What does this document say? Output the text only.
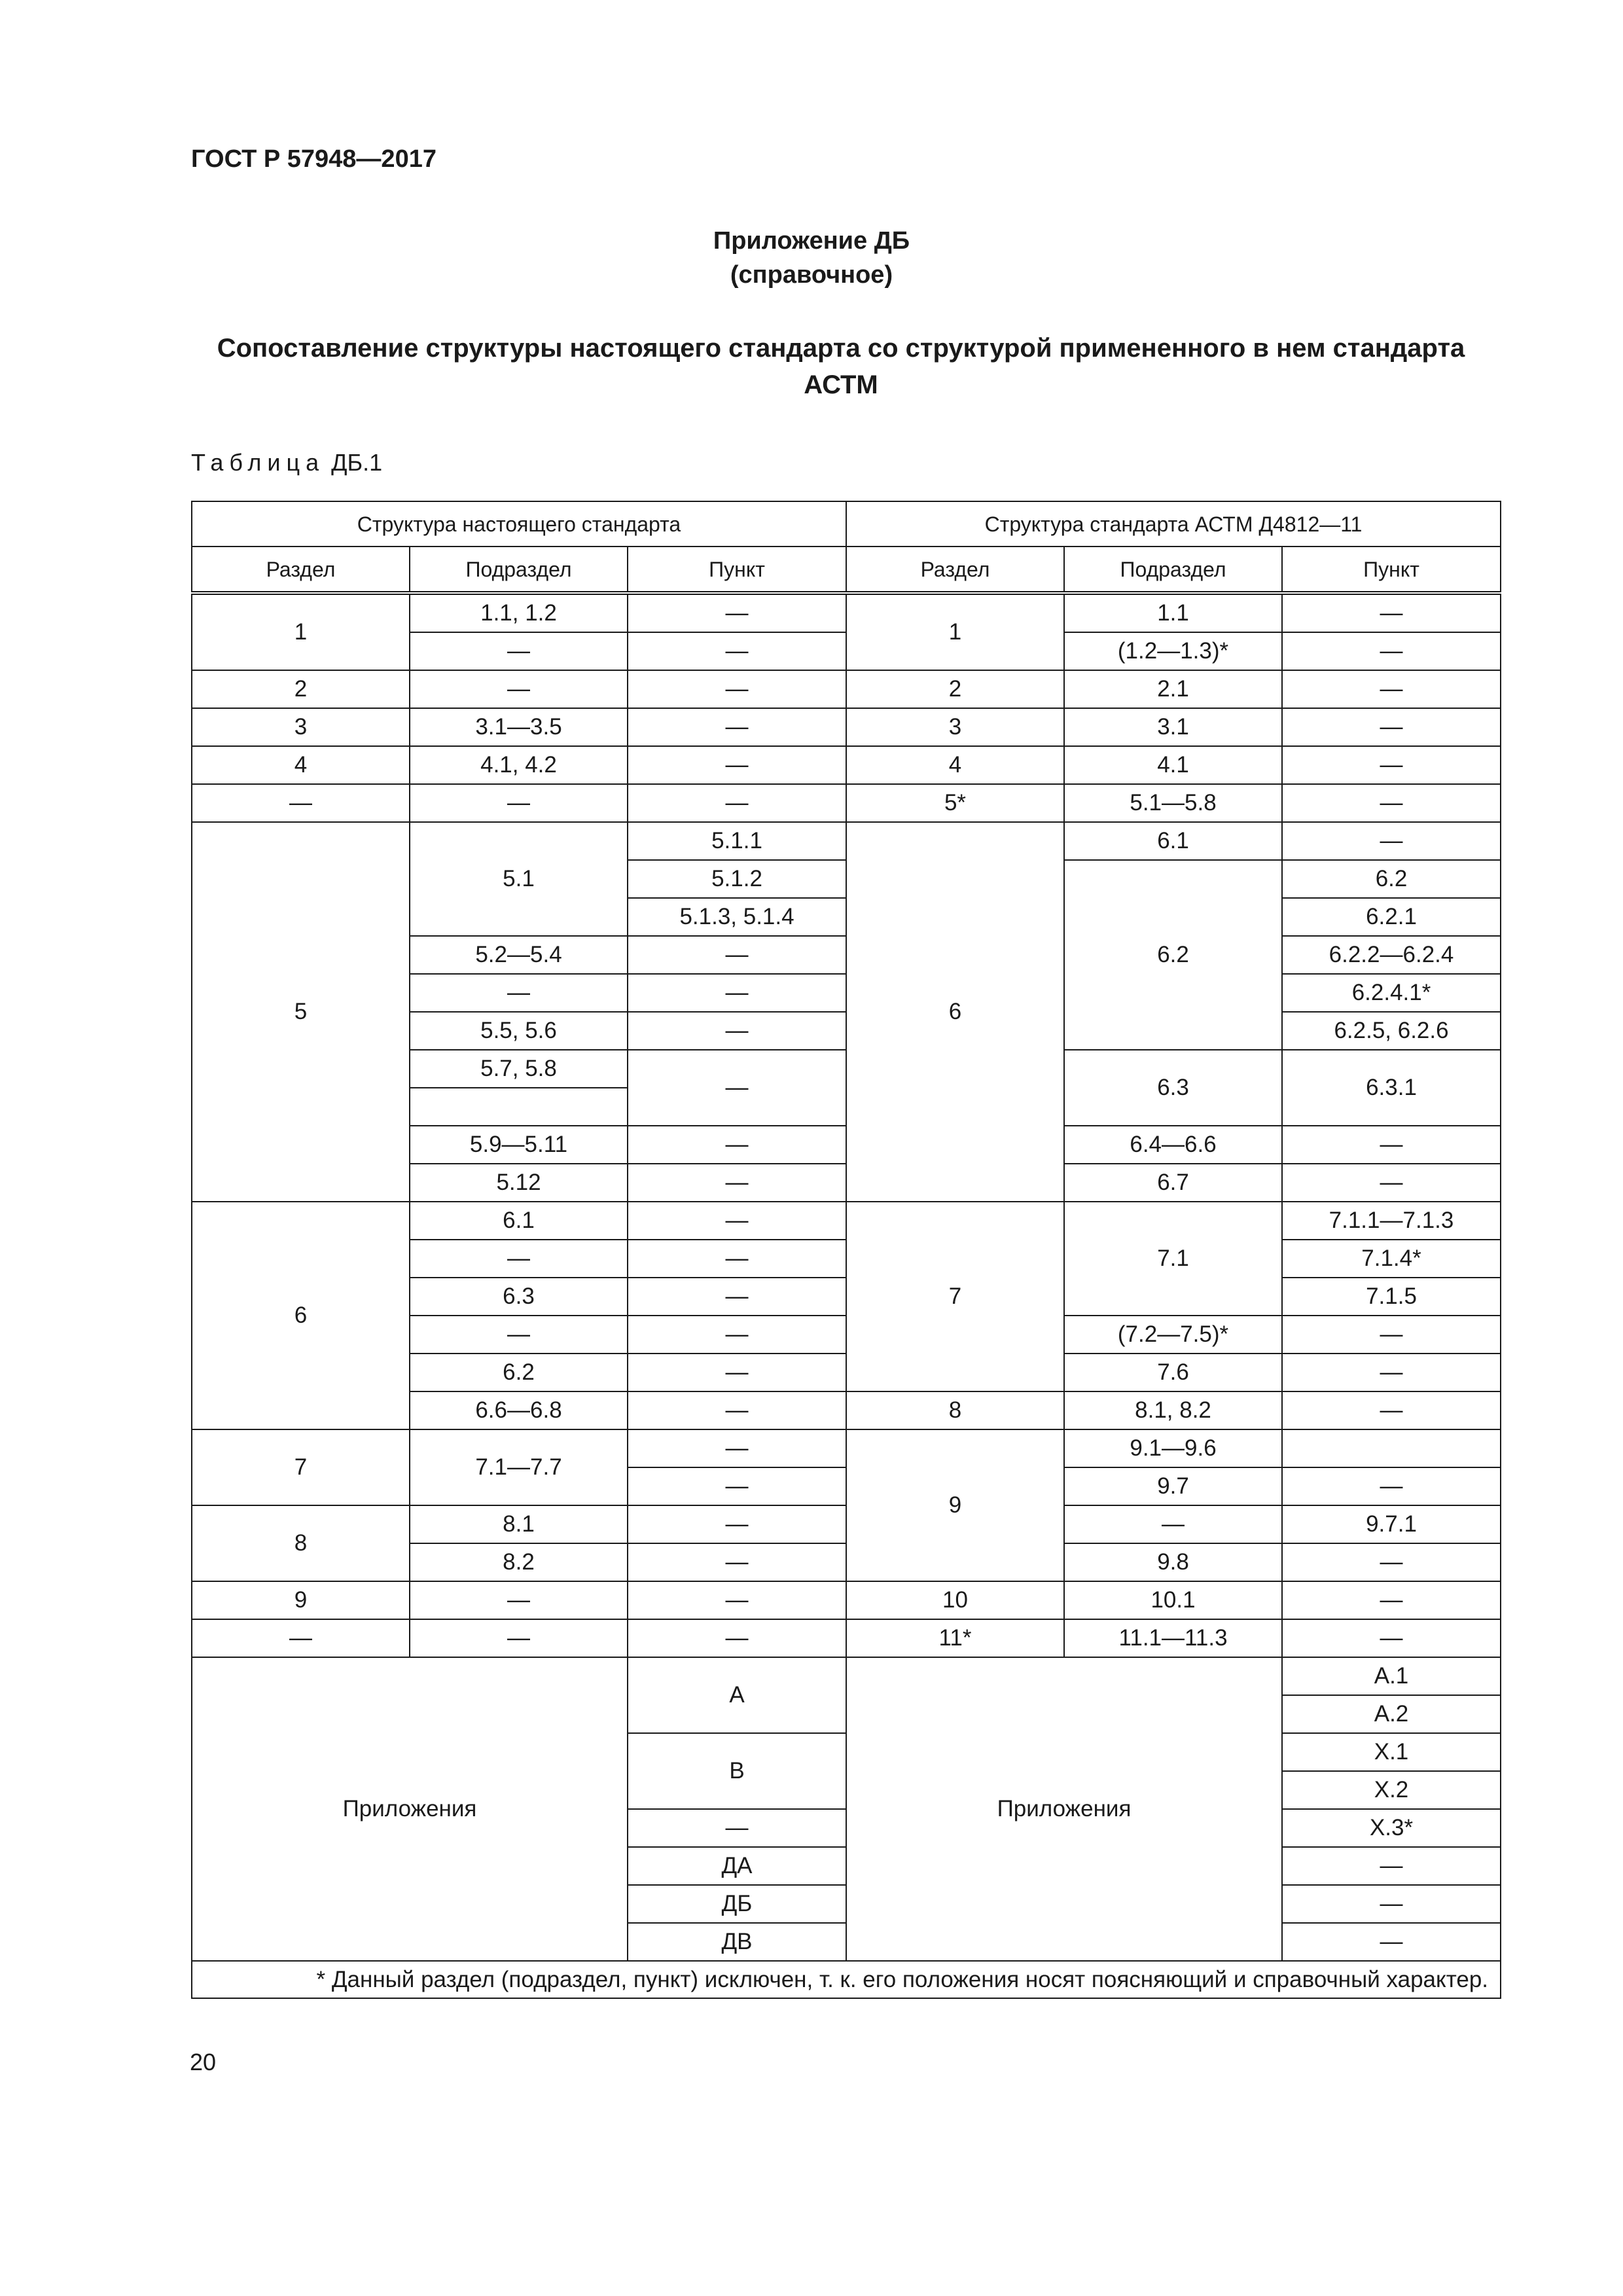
ГОСТ Р 57948—2017
Приложение ДБ
(справочное)
Сопоставление структуры настоящего стандарта со структурой примененного в нем стандарта
АСТМ
Таблица ДБ.1
Структура настоящего стандарта			Структура стандарта АСТМ Д4812—11		
Раздел	Подраздел	Пункт	Раздел	Подраздел	Пункт
1	1.1, 1.2	—	1	1.1	—
	—	—		(1.2—1.3)*	—
2	—	—	2	2.1	—
3	3.1—3.5	—	3	3.1	—
4	4.1, 4.2	—	4	4.1	—
—	—	—	5*	5.1—5.8	—
5	5.1	5.1.1	6	6.1	—
		5.1.2		6.2	6.2
		5.1.3, 5.1.4			6.2.1
	5.2—5.4	—			6.2.2—6.2.4
	—	—			6.2.4.1*
	5.5, 5.6	—			6.2.5, 6.2.6
	5.7, 5.8	—		6.3	6.3.1

	5.9—5.11	—		6.4—6.6	—
	5.12	—		6.7	—
6	6.1	—	7	7.1	7.1.1—7.1.3
	—	—			7.1.4*
	6.3	—			7.1.5
	—	—		(7.2—7.5)*	—
	6.2	—		7.6	—
	6.6—6.8	—	8	8.1, 8.2	—
7	7.1—7.7	—	9	9.1—9.6	
		—		9.7	—
8	8.1	—		—	9.7.1
	8.2	—		9.8	—
9	—	—	10	10.1	—
—	—	—	11*	11.1—11.3	—
Приложения		А	Приложения		А.1
					А.2
		В			Х.1
					Х.2
		—			Х.3*
		ДА			—
		ДБ			—
		ДВ			—
* Данный раздел (подраздел, пункт) исключен, т. к. его положения носят поясняющий и справочный характер.					
20
